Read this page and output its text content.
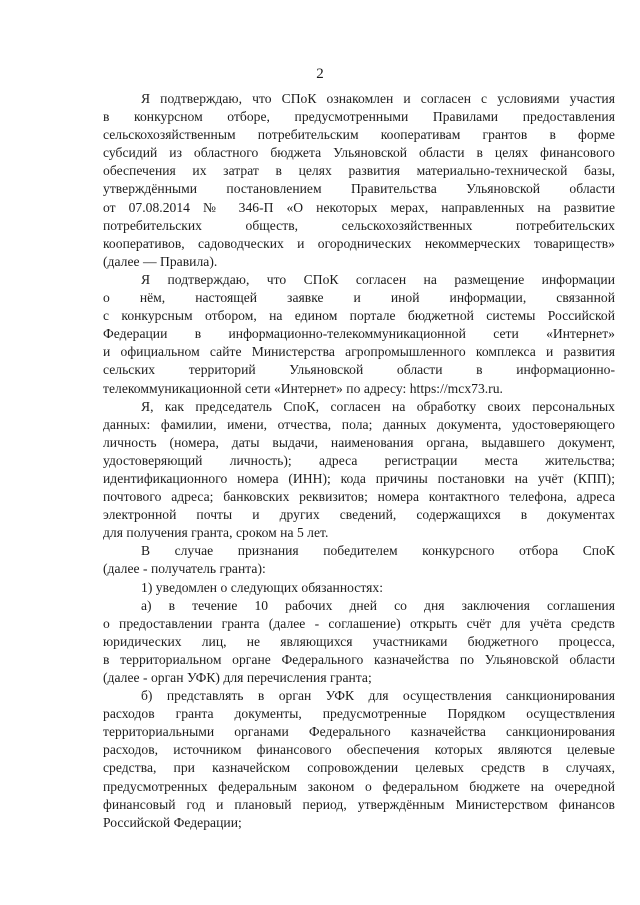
2
Я подтверждаю, что СПоК ознакомлен и согласен с условиями участия
в конкурсном отборе, предусмотренными Правилами предоставления
сельскохозяйственным потребительским кооперативам грантов в форме
субсидий из областного бюджета Ульяновской области в целях финансового
обеспечения их затрат в целях развития материально-технической базы,
утверждёнными постановлением Правительства Ульяновской области
от 07.08.2014 № 346-П «О некоторых мерах, направленных на развитие
потребительских обществ, сельскохозяйственных потребительских
кооперативов, садоводческих и огороднических некоммерческих товариществ»
(далее — Правила).
Я подтверждаю, что СПоК согласен на размещение информации
о нём, настоящей заявке и иной информации, связанной
с конкурсным отбором, на едином портале бюджетной системы Российской
Федерации в информационно-телекоммуникационной сети «Интернет»
и официальном сайте Министерства агропромышленного комплекса и развития
сельских территорий Ульяновской области в информационно-
телекоммуникационной сети «Интернет» по адресу: https://mcx73.ru.
Я, как председатель СпоК, согласен на обработку своих персональных
данных: фамилии, имени, отчества, пола; данных документа, удостоверяющего
личность (номера, даты выдачи, наименования органа, выдавшего документ,
удостоверяющий личность); адреса регистрации места жительства;
идентификационного номера (ИНН); кода причины постановки на учёт (КПП);
почтового адреса; банковских реквизитов; номера контактного телефона, адреса
электронной почты и других сведений, содержащихся в документах
для получения гранта, сроком на 5 лет.
В случае признания победителем конкурсного отбора СпоК
(далее - получатель гранта):
1) уведомлен о следующих обязанностях:
а) в течение 10 рабочих дней со дня заключения соглашения
о предоставлении гранта (далее - соглашение) открыть счёт для учёта средств
юридических лиц, не являющихся участниками бюджетного процесса,
в территориальном органе Федерального казначейства по Ульяновской области
(далее - орган УФК) для перечисления гранта;
б) представлять в орган УФК для осуществления санкционирования
расходов гранта документы, предусмотренные Порядком осуществления
территориальными органами Федерального казначейства санкционирования
расходов, источником финансового обеспечения которых являются целевые
средства, при казначейском сопровождении целевых средств в случаях,
предусмотренных федеральным законом о федеральном бюджете на очередной
финансовый год и плановый период, утверждённым Министерством финансов
Российской Федерации;
